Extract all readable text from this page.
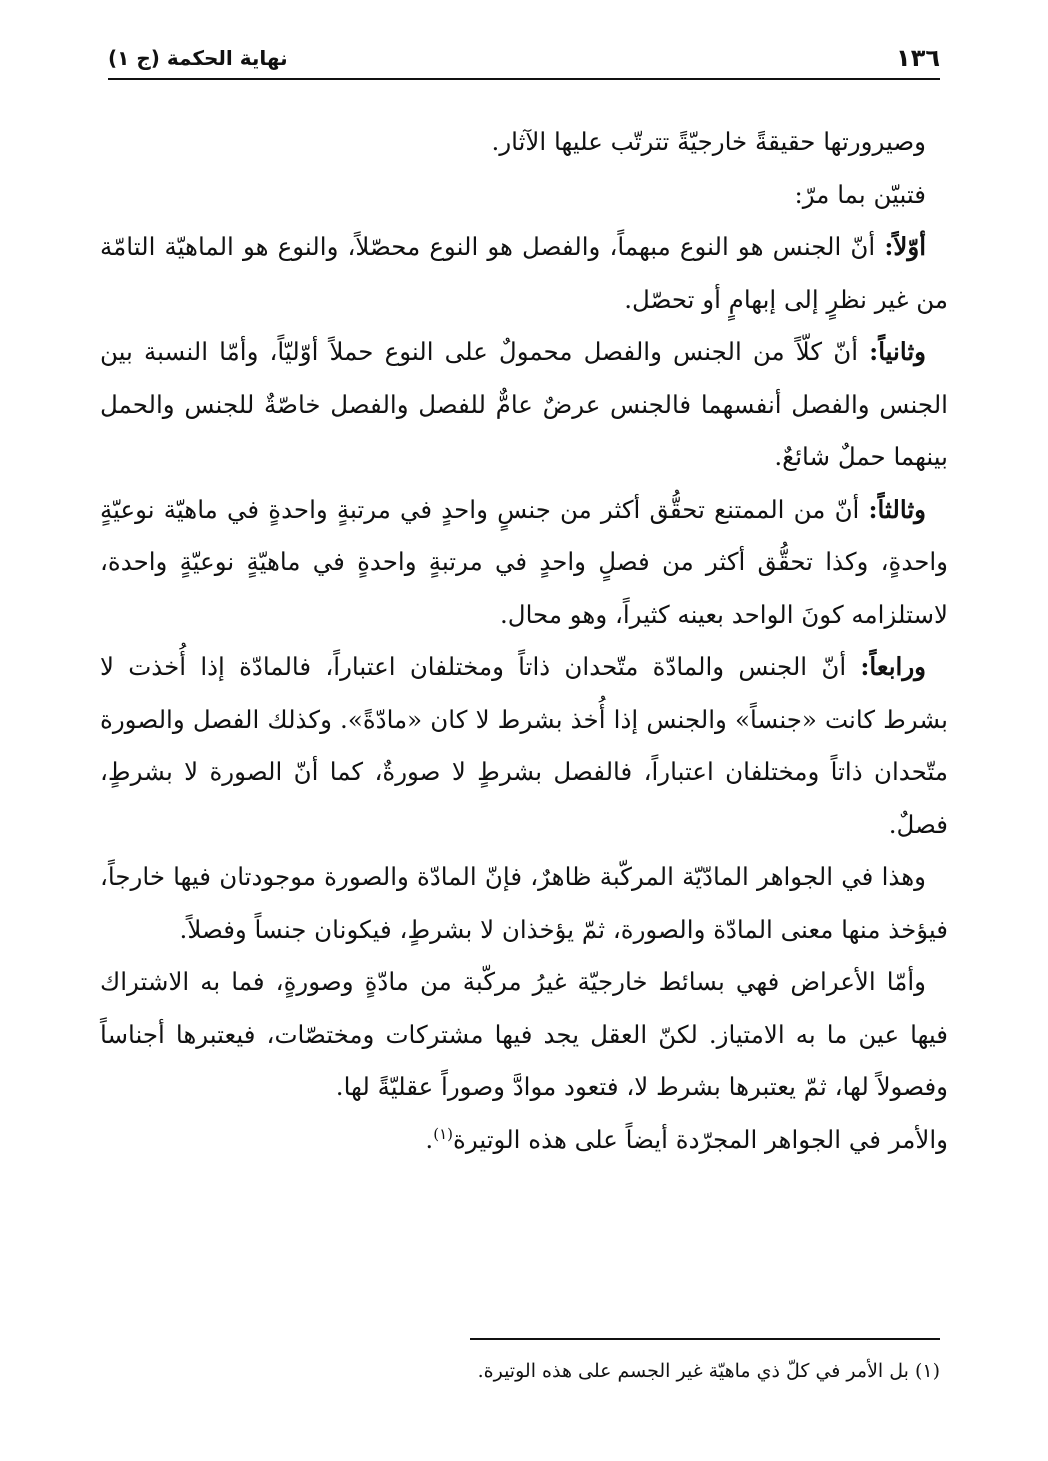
١٣٦
نهاية الحكمة (ج ١)

وصيرورتها حقيقةً خارجيّةً تترتّب عليها الآثار.

فتبيّن بما مرّ:

أوّلاً: أنّ الجنس هو النوع مبهماً، والفصل هو النوع محصّلاً، والنوع هو الماهيّة التامّة من غير نظرٍ إلى إبهامٍ أو تحصّل.

وثانياً: أنّ كلّاً من الجنس والفصل محمولٌ على النوع حملاً أوّليّاً، وأمّا النسبة بين الجنس والفصل أنفسهما فالجنس عرضٌ عامٌّ للفصل والفصل خاصّةٌ للجنس والحمل بينهما حملٌ شائعٌ.

وثالثاً: أنّ من الممتنع تحقُّق أكثر من جنسٍ واحدٍ في مرتبةٍ واحدةٍ في ماهيّة نوعيّةٍ واحدةٍ، وكذا تحقُّق أكثر من فصلٍ واحدٍ في مرتبةٍ واحدةٍ في ماهيّةٍ نوعيّةٍ واحدة، لاستلزامه كونَ الواحد بعينه كثيراً، وهو محال.

ورابعاً: أنّ الجنس والمادّة متّحدان ذاتاً ومختلفان اعتباراً، فالمادّة إذا أُخذت لا بشرط كانت «جنساً» والجنس إذا أُخذ بشرط لا كان «مادّةً». وكذلك الفصل والصورة متّحدان ذاتاً ومختلفان اعتباراً، فالفصل بشرطٍ لا صورةٌ، كما أنّ الصورة لا بشرطٍ، فصلٌ.

وهذا في الجواهر المادّيّة المركّبة ظاهرٌ، فإنّ المادّة والصورة موجودتان فيها خارجاً، فيؤخذ منها معنى المادّة والصورة، ثمّ يؤخذان لا بشرطٍ، فيكونان جنساً وفصلاً.

وأمّا الأعراض فهي بسائط خارجيّة غيرُ مركّبة من مادّةٍ وصورةٍ، فما به الاشتراك فيها عين ما به الامتياز. لكنّ العقل يجد فيها مشتركات ومختصّات، فيعتبرها أجناساً وفصولاً لها، ثمّ يعتبرها بشرط لا، فتعود موادَّ وصوراً عقليّةً لها.

والأمر في الجواهر المجرّدة أيضاً على هذه الوتيرة$^{(١)}$.

(١) بل الأمر في كلّ ذي ماهيّة غير الجسم على هذه الوتيرة.
